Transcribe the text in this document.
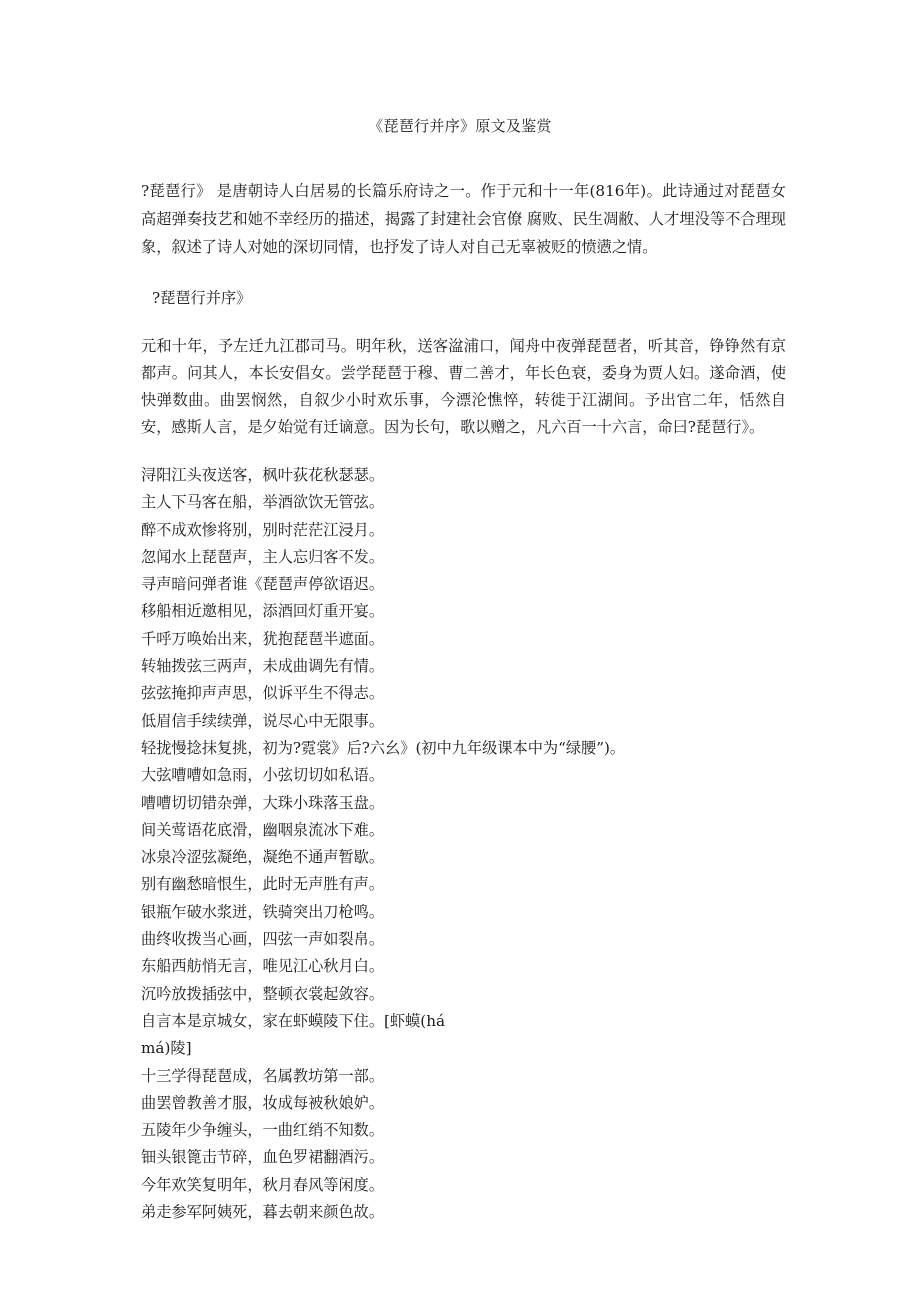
《琵琶行并序》原文及鉴赏

?琵琶行》 是唐朝诗人白居易的长篇乐府诗之一。作于元和十一年(816年)。此诗通过对琵琶女高超弹奏技艺和她不幸经历的描述，揭露了封建社会官僚 腐败、民生凋敝、人才埋没等不合理现象，叙述了诗人对她的深切同情，也抒发了诗人对自己无辜被贬的愤懑之情。

?琵琶行并序》

元和十年，予左迁九江郡司马。明年秋，送客湓浦口，闻舟中夜弹琵琶者，听其音，铮铮然有京都声。问其人，本长安倡女。尝学琵琶于穆、曹二善才，年长色衰，委身为贾人妇。遂命酒，使快弹数曲。曲罢悯然，自叙少小时欢乐事，今漂沦憔悴，转徙于江湖间。予出官二年，恬然自安，感斯人言，是夕始觉有迁谪意。因为长句，歌以赠之，凡六百一十六言，命曰?琵琶行》。

浔阳江头夜送客，枫叶荻花秋瑟瑟。
主人下马客在船，举酒欲饮无管弦。
醉不成欢惨将别，别时茫茫江浸月。
忽闻水上琵琶声，主人忘归客不发。
寻声暗问弹者谁《琵琶声停欲语迟。
移船相近邀相见，添酒回灯重开宴。
千呼万唤始出来，犹抱琵琶半遮面。
转轴拨弦三两声，未成曲调先有情。
弦弦掩抑声声思，似诉平生不得志。
低眉信手续续弹，说尽心中无限事。
轻拢慢捻抹复挑，初为?霓裳》后?六幺》(初中九年级课本中为“绿腰”)。
大弦嘈嘈如急雨，小弦切切如私语。
嘈嘈切切错杂弹，大珠小珠落玉盘。
间关莺语花底滑，幽咽泉流冰下难。
冰泉冷涩弦凝绝，凝绝不通声暂歇。
别有幽愁暗恨生，此时无声胜有声。
银瓶乍破水浆迸，铁骑突出刀枪鸣。
曲终收拨当心画，四弦一声如裂帛。
东船西舫悄无言，唯见江心秋月白。
沉吟放拨插弦中，整顿衣裳起敛容。
自言本是京城女，家在虾蟆陵下住。[虾蟆(há
má)陵]
十三学得琵琶成，名属教坊第一部。
曲罢曾教善才服，妆成每被秋娘妒。
五陵年少争缠头，一曲红绡不知数。
钿头银篦击节碎，血色罗裙翻酒污。
今年欢笑复明年，秋月春风等闲度。
弟走参军阿姨死，暮去朝来颜色故。
